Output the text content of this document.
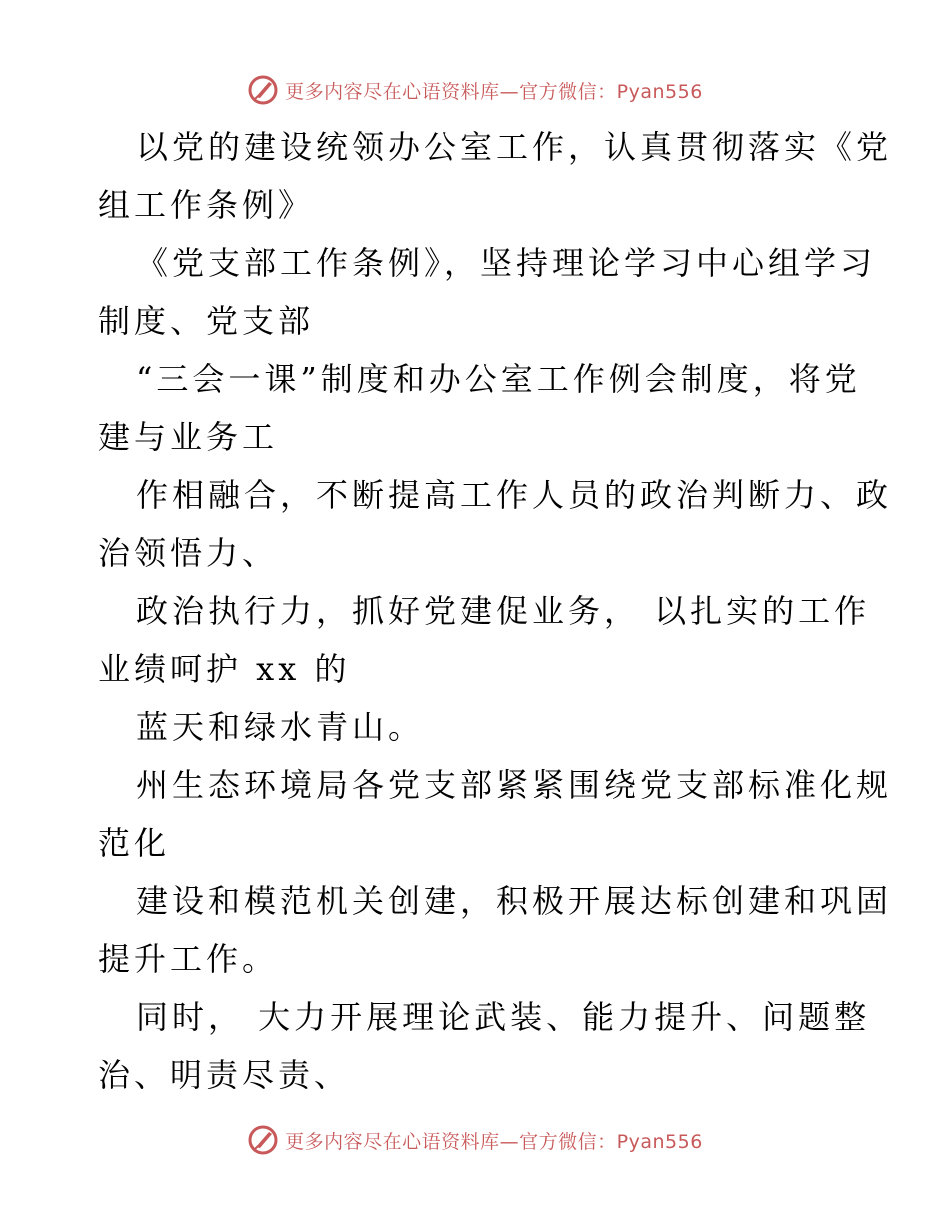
更多内容尽在心语资料库—官方微信：Pyan556

以党的建设统领办公室工作，认真贯彻落实《党
组工作条例》

《党支部工作条例》，坚持理论学习中心组学习
制度、党支部

“三会一课”制度和办公室工作例会制度，将党
建与业务工

作相融合，不断提高工作人员的政治判断力、政
治领悟力、

政治执行力，抓好党建促业务， 以扎实的工作
业绩呵护 xx 的

蓝天和绿水青山。

州生态环境局各党支部紧紧围绕党支部标准化规
范化

建设和模范机关创建，积极开展达标创建和巩固
提升工作。

同时， 大力开展理论武装、能力提升、问题整
治、明责尽责、

更多内容尽在心语资料库—官方微信：Pyan556
